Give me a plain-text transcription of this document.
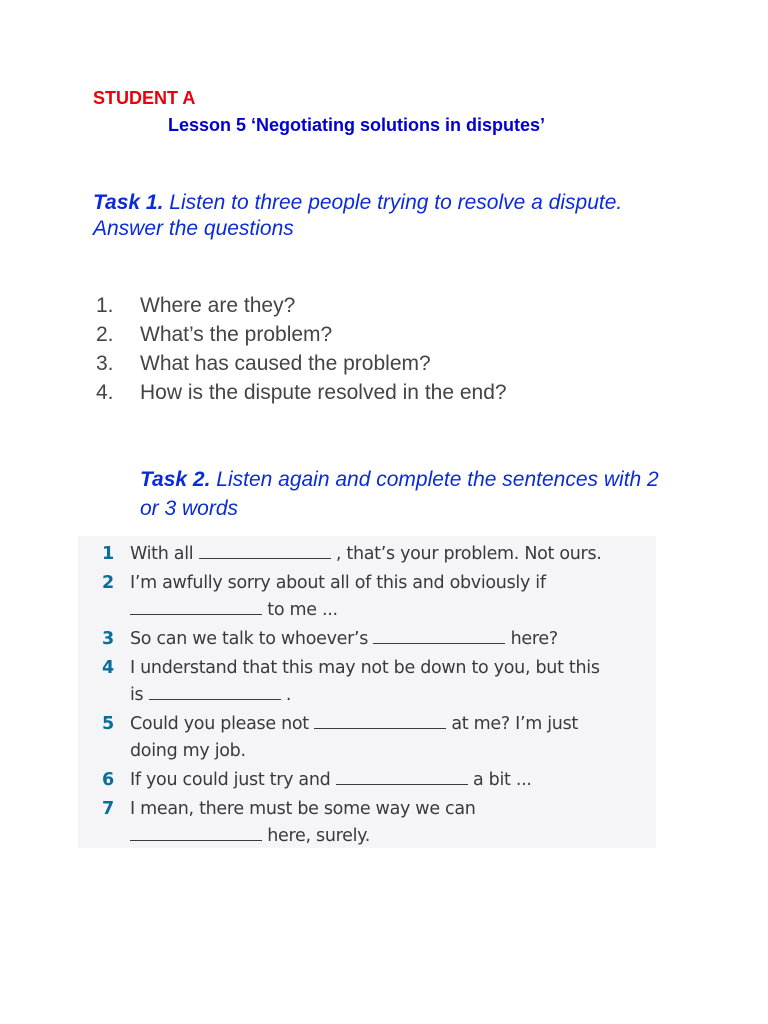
STUDENT A
Lesson 5 ‘Negotiating solutions in disputes’
Task 1. Listen to three people trying to resolve a dispute. Answer the questions
1.	Where are they?
2.	What’s the problem?
3.	What has caused the problem?
4.	How is the dispute resolved in the end?
Task 2. Listen again and complete the sentences with 2 or 3 words
1 With all	, that’s your problem. Not ours.
2 I’m awfully sorry about all of this and obviously if
to me ...
3 So can we talk to whoever’s	here?
4 I understand that this may not be down to you, but this
is	.
5 Could you please not	at me? I’m just
doing my job.
6 If you could just try and	a bit ...
7 I mean, there must be some way we can
here, surely.
